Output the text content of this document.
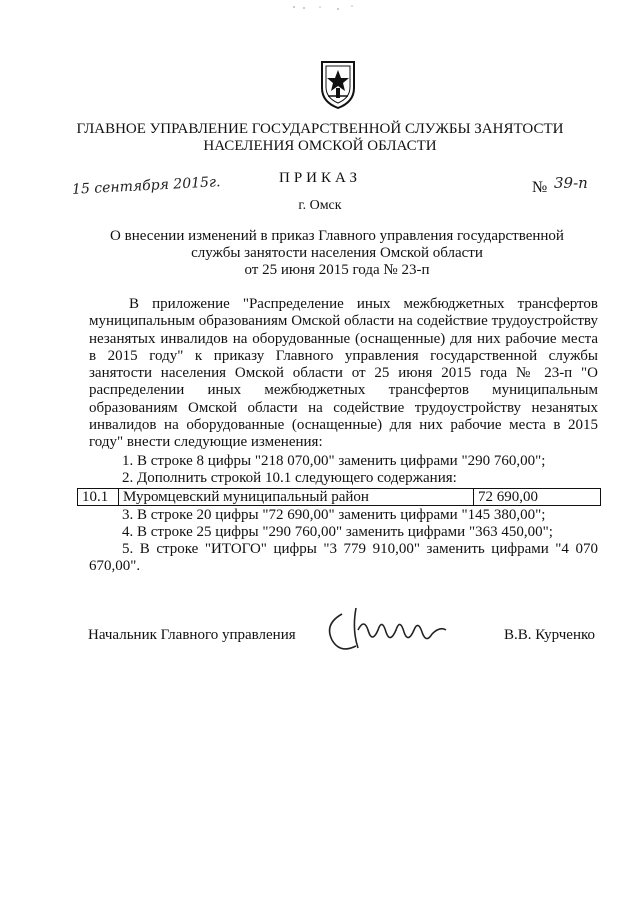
ГЛАВНОЕ УПРАВЛЕНИЕ ГОСУДАРСТВЕННОЙ СЛУЖБЫ ЗАНЯТОСТИ
НАСЕЛЕНИЯ ОМСКОЙ ОБЛАСТИ
ПРИКАЗ
15 сентября 2015г.	№ 39-п
г. Омск
О внесении изменений в приказ Главного управления государственной
службы занятости населения Омской области
от 25 июня 2015 года № 23-п
В приложение "Распределение иных межбюджетных трансфертов муниципальным образованиям Омской области на содействие трудоустройству незанятых инвалидов на оборудованные (оснащенные) для них рабочие места в 2015 году" к приказу Главного управления государственной службы занятости населения Омской области от 25 июня 2015 года № 23-п "О распределении иных межбюджетных трансфертов муниципальным образованиям Омской области на содействие трудоустройству незанятых инвалидов на оборудованные (оснащенные) для них рабочие места в 2015 году" внести следующие изменения:
1. В строке 8 цифры "218 070,00" заменить цифрами "290 760,00";
2. Дополнить строкой 10.1 следующего содержания:
10.1	Муромцевский муниципальный район	72 690,00
3. В строке 20 цифры "72 690,00" заменить цифрами "145 380,00";
4. В строке 25 цифры "290 760,00" заменить цифрами "363 450,00";
5. В строке "ИТОГО" цифры "3 779 910,00" заменить цифрами "4 070 670,00".
Начальник Главного управления	В.В. Курченко
